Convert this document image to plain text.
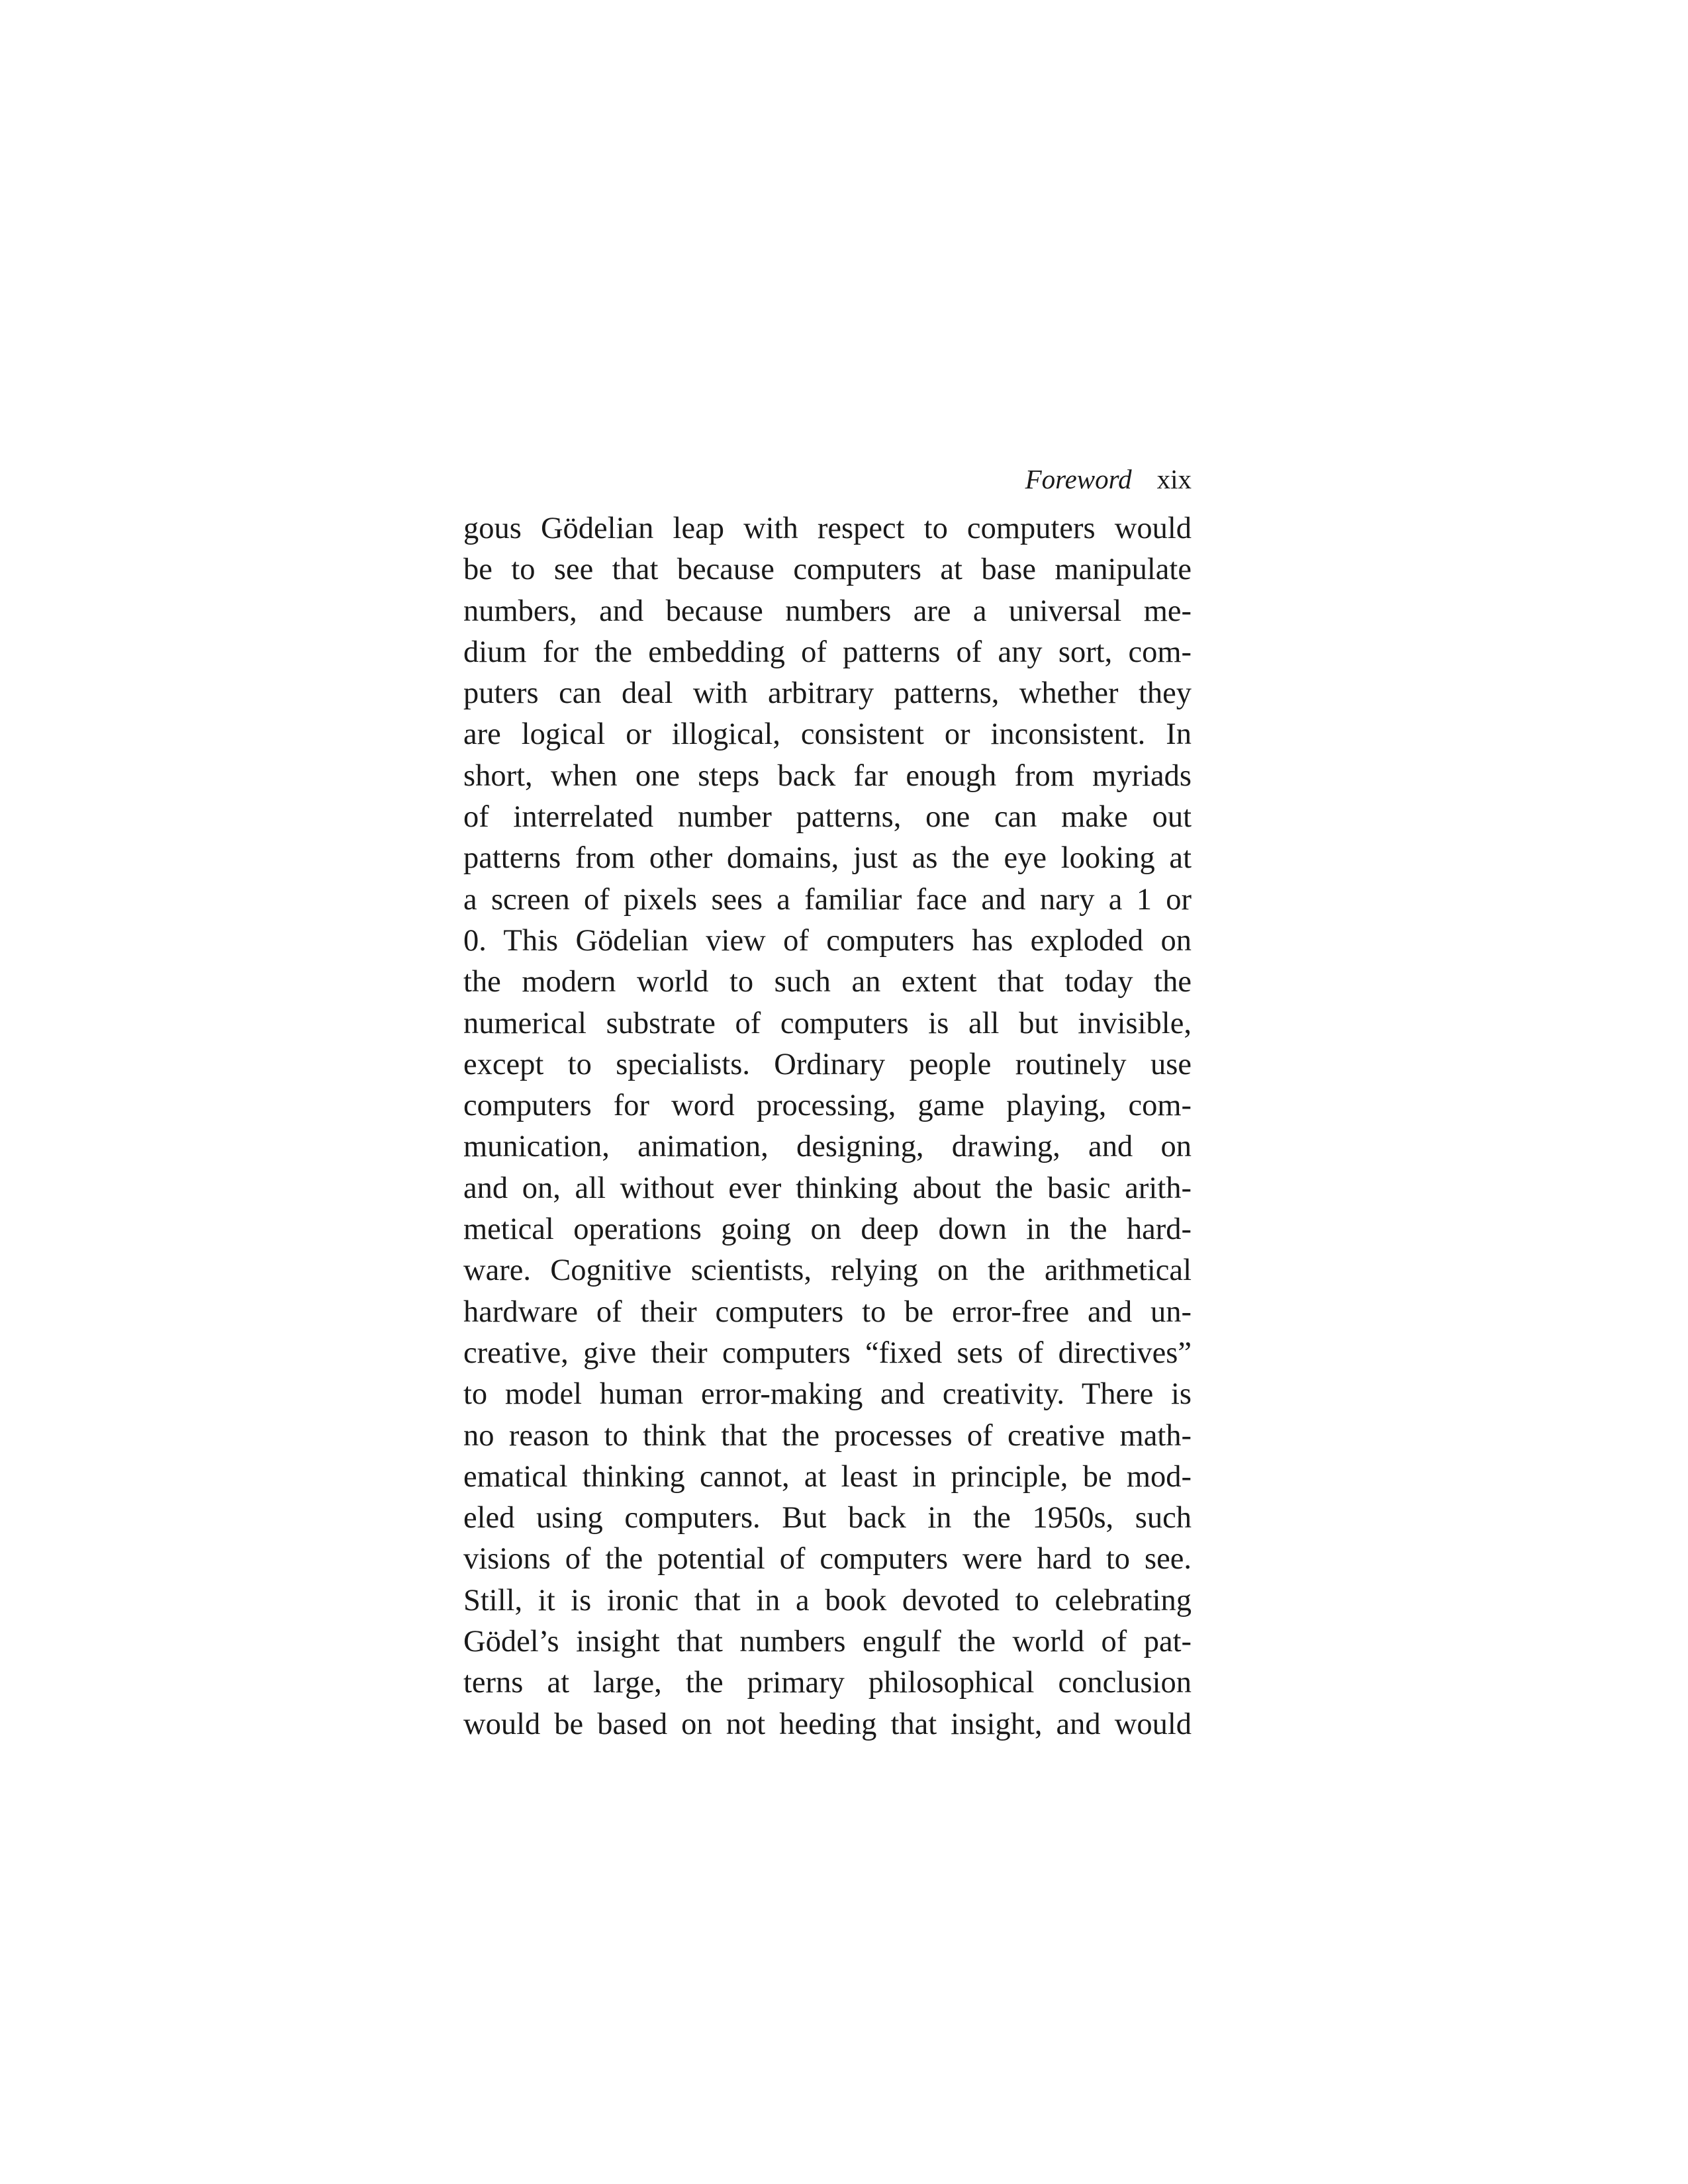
Foreword xix
gous Gödelian leap with respect to computers would
be to see that because computers at base manipulate
numbers, and because numbers are a universal me-
dium for the embedding of patterns of any sort, com-
puters can deal with arbitrary patterns, whether they
are logical or illogical, consistent or inconsistent. In
short, when one steps back far enough from myriads
of interrelated number patterns, one can make out
patterns from other domains, just as the eye looking at
a screen of pixels sees a familiar face and nary a 1 or
0. This Gödelian view of computers has exploded on
the modern world to such an extent that today the
numerical substrate of computers is all but invisible,
except to specialists. Ordinary people routinely use
computers for word processing, game playing, com-
munication, animation, designing, drawing, and on
and on, all without ever thinking about the basic arith-
metical operations going on deep down in the hard-
ware. Cognitive scientists, relying on the arithmetical
hardware of their computers to be error-free and un-
creative, give their computers “fixed sets of directives”
to model human error-making and creativity. There is
no reason to think that the processes of creative math-
ematical thinking cannot, at least in principle, be mod-
eled using computers. But back in the 1950s, such
visions of the potential of computers were hard to see.
Still, it is ironic that in a book devoted to celebrating
Gödel’s insight that numbers engulf the world of pat-
terns at large, the primary philosophical conclusion
would be based on not heeding that insight, and would
